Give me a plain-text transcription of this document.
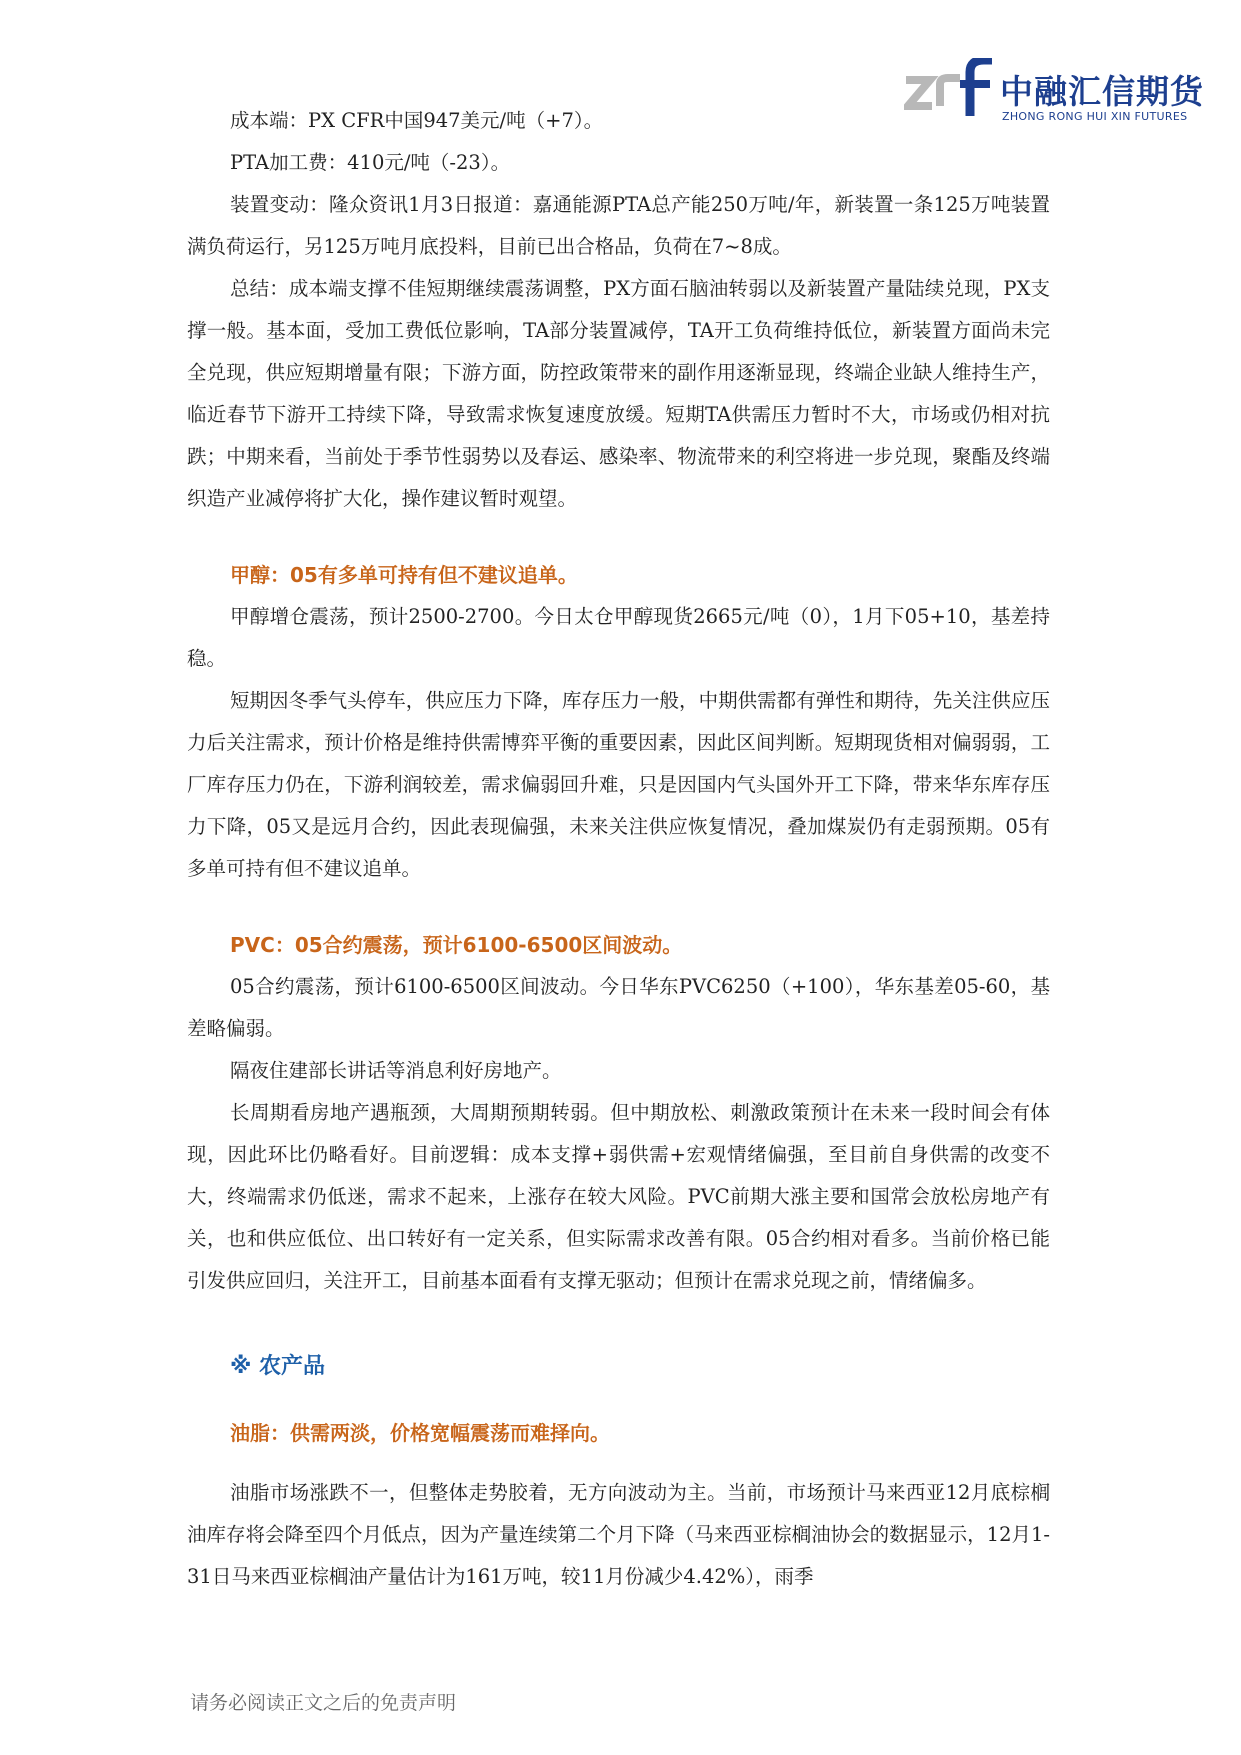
中融汇信期货
ZHONG RONG HUI XIN FUTURES

成本端：PX CFR中国947美元/吨（+7）。

PTA加工费：410元/吨（-23）。

装置变动：隆众资讯1月3日报道：嘉通能源PTA总产能250万吨/年，新装置一条125万吨装置满负荷运行，另125万吨月底投料，目前已出合格品，负荷在7~8成。

总结：成本端支撑不佳短期继续震荡调整，PX方面石脑油转弱以及新装置产量陆续兑现，PX支撑一般。基本面，受加工费低位影响，TA部分装置减停，TA开工负荷维持低位，新装置方面尚未完全兑现，供应短期增量有限；下游方面，防控政策带来的副作用逐渐显现，终端企业缺人维持生产，临近春节下游开工持续下降，导致需求恢复速度放缓。短期TA供需压力暂时不大，市场或仍相对抗跌；中期来看，当前处于季节性弱势以及春运、感染率、物流带来的利空将进一步兑现，聚酯及终端织造产业减停将扩大化，操作建议暂时观望。

甲醇：05有多单可持有但不建议追单。

甲醇增仓震荡，预计2500-2700。今日太仓甲醇现货2665元/吨（0），1月下05+10，基差持稳。

短期因冬季气头停车，供应压力下降，库存压力一般，中期供需都有弹性和期待，先关注供应压力后关注需求，预计价格是维持供需博弈平衡的重要因素，因此区间判断。短期现货相对偏弱弱，工厂库存压力仍在，下游利润较差，需求偏弱回升难，只是因国内气头国外开工下降，带来华东库存压力下降，05又是远月合约，因此表现偏强，未来关注供应恢复情况，叠加煤炭仍有走弱预期。05有多单可持有但不建议追单。

PVC：05合约震荡，预计6100-6500区间波动。

05合约震荡，预计6100-6500区间波动。今日华东PVC6250（+100），华东基差05-60，基差略偏弱。

隔夜住建部长讲话等消息利好房地产。

长周期看房地产遇瓶颈，大周期预期转弱。但中期放松、刺激政策预计在未来一段时间会有体现，因此环比仍略看好。目前逻辑：成本支撑+弱供需+宏观情绪偏强，至目前自身供需的改变不大，终端需求仍低迷，需求不起来，上涨存在较大风险。PVC前期大涨主要和国常会放松房地产有关，也和供应低位、出口转好有一定关系，但实际需求改善有限。05合约相对看多。当前价格已能引发供应回归，关注开工，目前基本面看有支撑无驱动；但预计在需求兑现之前，情绪偏多。

※ 农产品

油脂：供需两淡，价格宽幅震荡而难择向。

油脂市场涨跌不一，但整体走势胶着，无方向波动为主。当前，市场预计马来西亚12月底棕榈油库存将会降至四个月低点，因为产量连续第二个月下降（马来西亚棕榈油协会的数据显示，12月1-31日马来西亚棕榈油产量估计为161万吨，较11月份减少4.42%），雨季

请务必阅读正文之后的免责声明
